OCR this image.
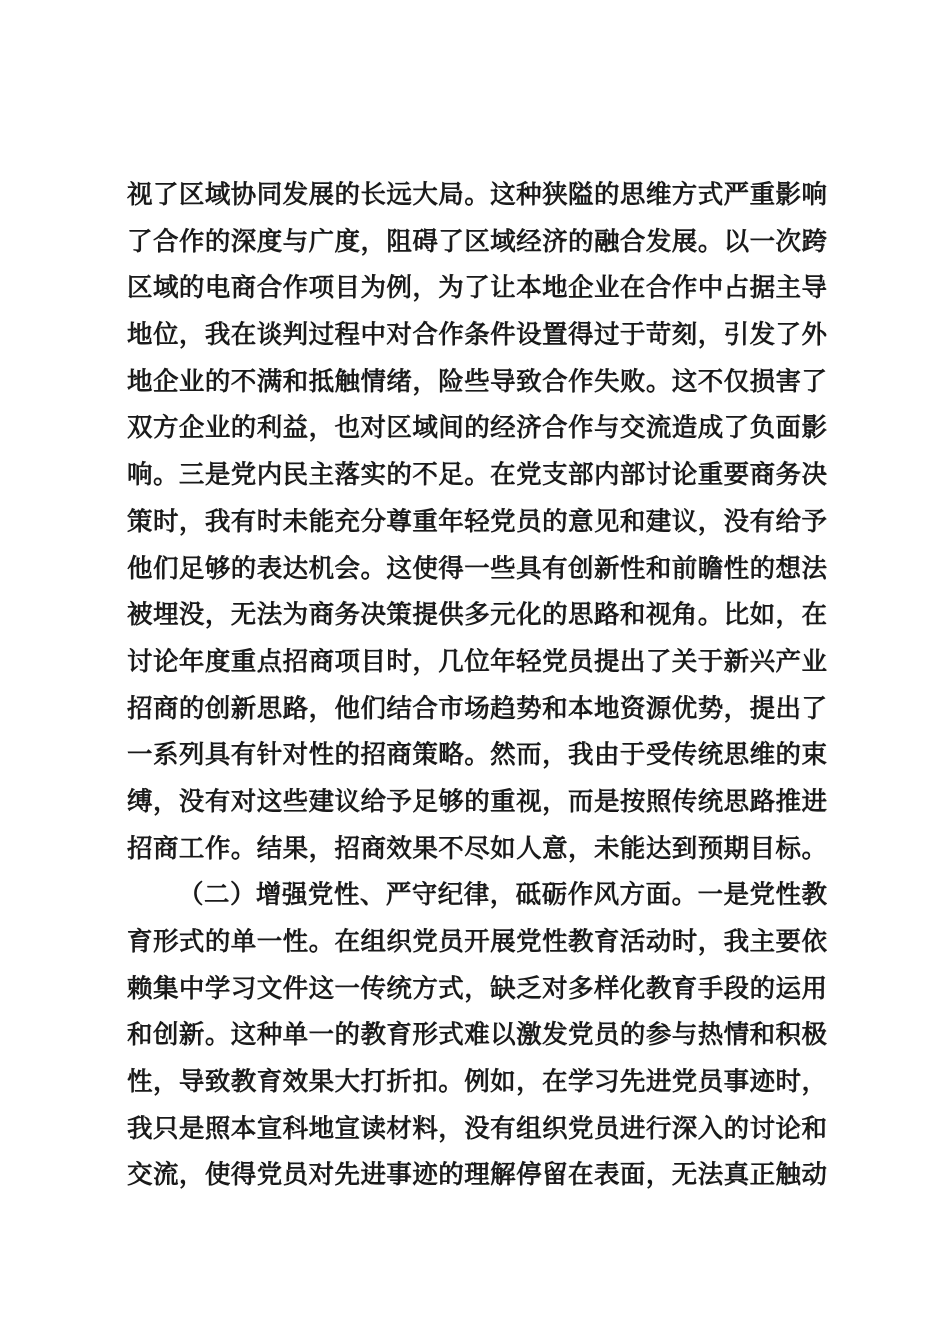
视了区域协同发展的长远大局。这种狭隘的思维方式严重影响
了合作的深度与广度，阻碍了区域经济的融合发展。以一次跨
区域的电商合作项目为例，为了让本地企业在合作中占据主导
地位，我在谈判过程中对合作条件设置得过于苛刻，引发了外
地企业的不满和抵触情绪，险些导致合作失败。这不仅损害了
双方企业的利益，也对区域间的经济合作与交流造成了负面影
响。三是党内民主落实的不足。在党支部内部讨论重要商务决
策时，我有时未能充分尊重年轻党员的意见和建议，没有给予
他们足够的表达机会。这使得一些具有创新性和前瞻性的想法
被埋没，无法为商务决策提供多元化的思路和视角。比如，在
讨论年度重点招商项目时，几位年轻党员提出了关于新兴产业
招商的创新思路，他们结合市场趋势和本地资源优势，提出了
一系列具有针对性的招商策略。然而，我由于受传统思维的束
缚，没有对这些建议给予足够的重视，而是按照传统思路推进
招商工作。结果，招商效果不尽如人意，未能达到预期目标。
（二）增强党性、严守纪律，砥砺作风方面。一是党性教
育形式的单一性。在组织党员开展党性教育活动时，我主要依
赖集中学习文件这一传统方式，缺乏对多样化教育手段的运用
和创新。这种单一的教育形式难以激发党员的参与热情和积极
性，导致教育效果大打折扣。例如，在学习先进党员事迹时，
我只是照本宣科地宣读材料，没有组织党员进行深入的讨论和
交流，使得党员对先进事迹的理解停留在表面，无法真正触动
